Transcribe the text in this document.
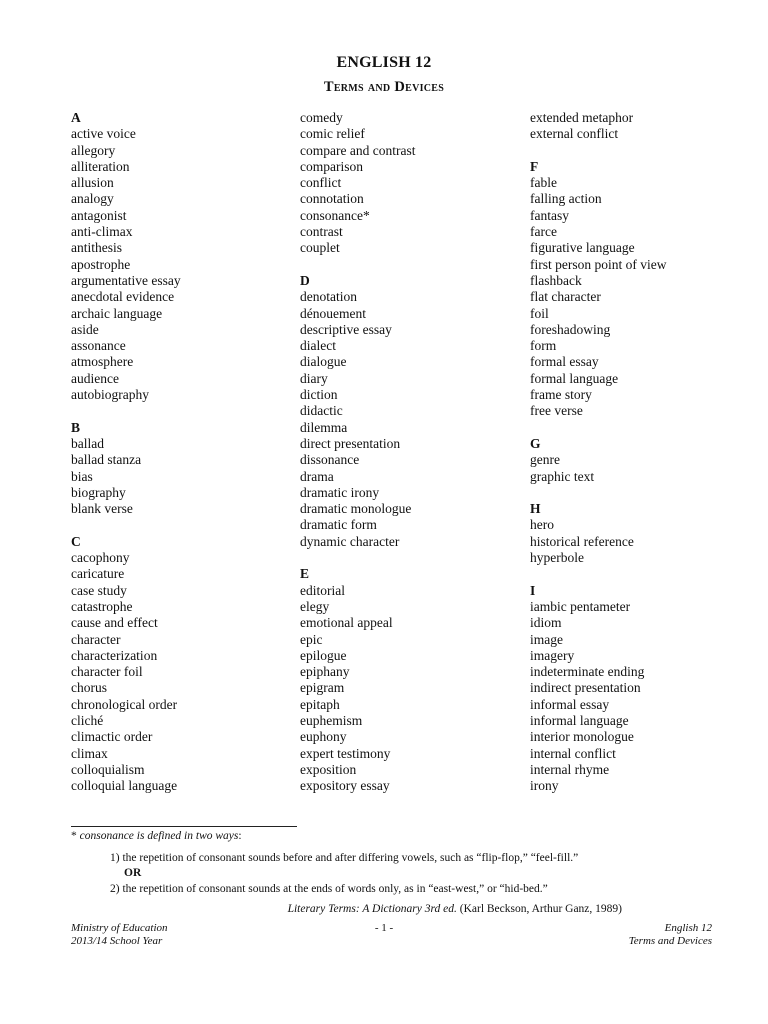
ENGLISH 12
Terms and Devices
A
active voice
allegory
alliteration
allusion
analogy
antagonist
anti-climax
antithesis
apostrophe
argumentative essay
anecdotal evidence
archaic language
aside
assonance
atmosphere
audience
autobiography
B
ballad
ballad stanza
bias
biography
blank verse
C
cacophony
caricature
case study
catastrophe
cause and effect
character
characterization
character foil
chorus
chronological order
cliché
climactic order
climax
colloquialism
colloquial language
comedy
comic relief
compare and contrast
comparison
conflict
connotation
consonance*
contrast
couplet
D
denotation
dénouement
descriptive essay
dialect
dialogue
diary
diction
didactic
dilemma
direct presentation
dissonance
drama
dramatic irony
dramatic monologue
dramatic form
dynamic character
E
editorial
elegy
emotional appeal
epic
epilogue
epiphany
epigram
epitaph
euphemism
euphony
expert testimony
exposition
expository essay
extended metaphor
external conflict
F
fable
falling action
fantasy
farce
figurative language
first person point of view
flashback
flat character
foil
foreshadowing
form
formal essay
formal language
frame story
free verse
G
genre
graphic text
H
hero
historical reference
hyperbole
I
iambic pentameter
idiom
image
imagery
indeterminate ending
indirect presentation
informal essay
informal language
interior monologue
internal conflict
internal rhyme
irony
* consonance is defined in two ways:
1) the repetition of consonant sounds before and after differing vowels, such as “flip-flop,” “feel-fill.”
OR
2) the repetition of consonant sounds at the ends of words only, as in “east-west,” or “hid-bed.”
Literary Terms: A Dictionary 3rd ed. (Karl Beckson, Arthur Ganz, 1989)
Ministry of Education
2013/14 School Year
- 1 -	English 12
Terms and Devices
